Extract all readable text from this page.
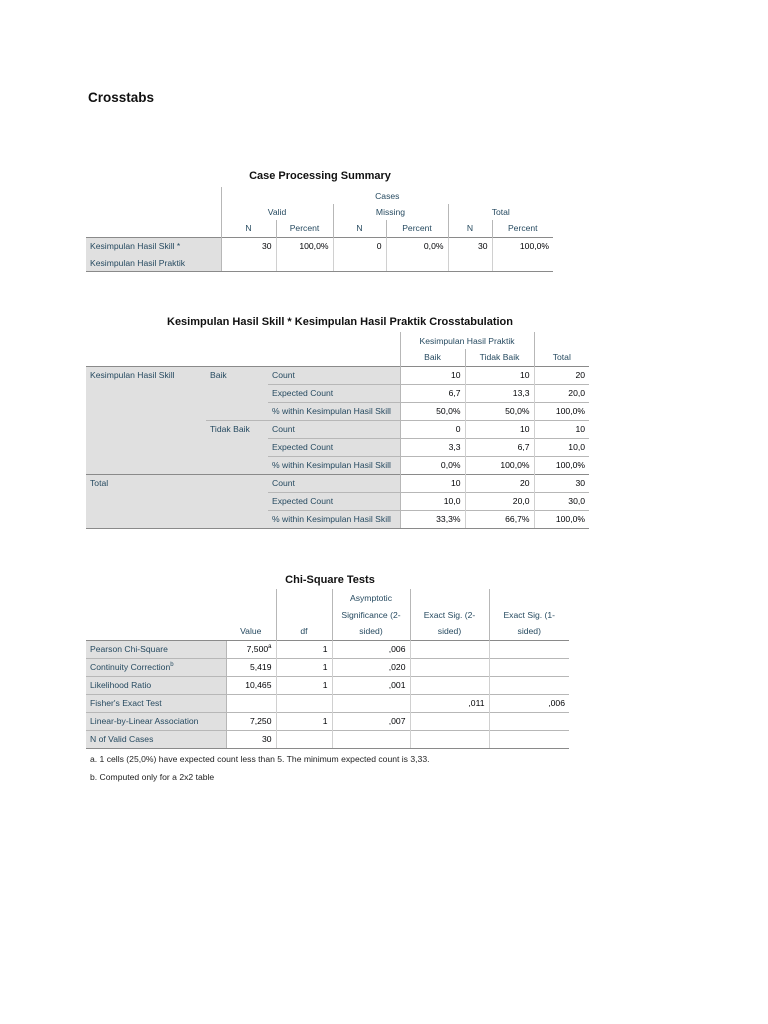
Crosstabs
Case Processing Summary
	Cases					
	Valid		Missing		Total	
	N	Percent	N	Percent	N	Percent
Kesimpulan Hasil Skill *	30	100,0%	0	0,0%	30	100,0%
Kesimpulan Hasil Praktik						
Kesimpulan Hasil Skill * Kesimpulan Hasil Praktik Crosstabulation
			Kesimpulan Hasil Praktik		
			Baik	Tidak Baik	Total
Kesimpulan Hasil Skill	Baik	Count	10	10	20
		Expected Count	6,7	13,3	20,0
		% within Kesimpulan Hasil Skill	50,0%	50,0%	100,0%
	Tidak Baik	Count	0	10	10
		Expected Count	3,3	6,7	10,0
		% within Kesimpulan Hasil Skill	0,0%	100,0%	100,0%
Total		Count	10	20	30
		Expected Count	10,0	20,0	30,0
		% within Kesimpulan Hasil Skill	33,3%	66,7%	100,0%
Chi-Square Tests
			Asymptotic		
			Significance (2-	Exact Sig. (2-	Exact Sig. (1-
	Value	df	sided)	sided)	sided)
Pearson Chi-Square	7,500$^a$	1	,006		
Continuity Correction$^b$	5,419	1	,020		
Likelihood Ratio	10,465	1	,001		
Fisher's Exact Test				,011	,006
Linear-by-Linear Association	7,250	1	,007		
N of Valid Cases	30				
a. 1 cells (25,0%) have expected count less than 5. The minimum expected count is 3,33.
b. Computed only for a 2x2 table
